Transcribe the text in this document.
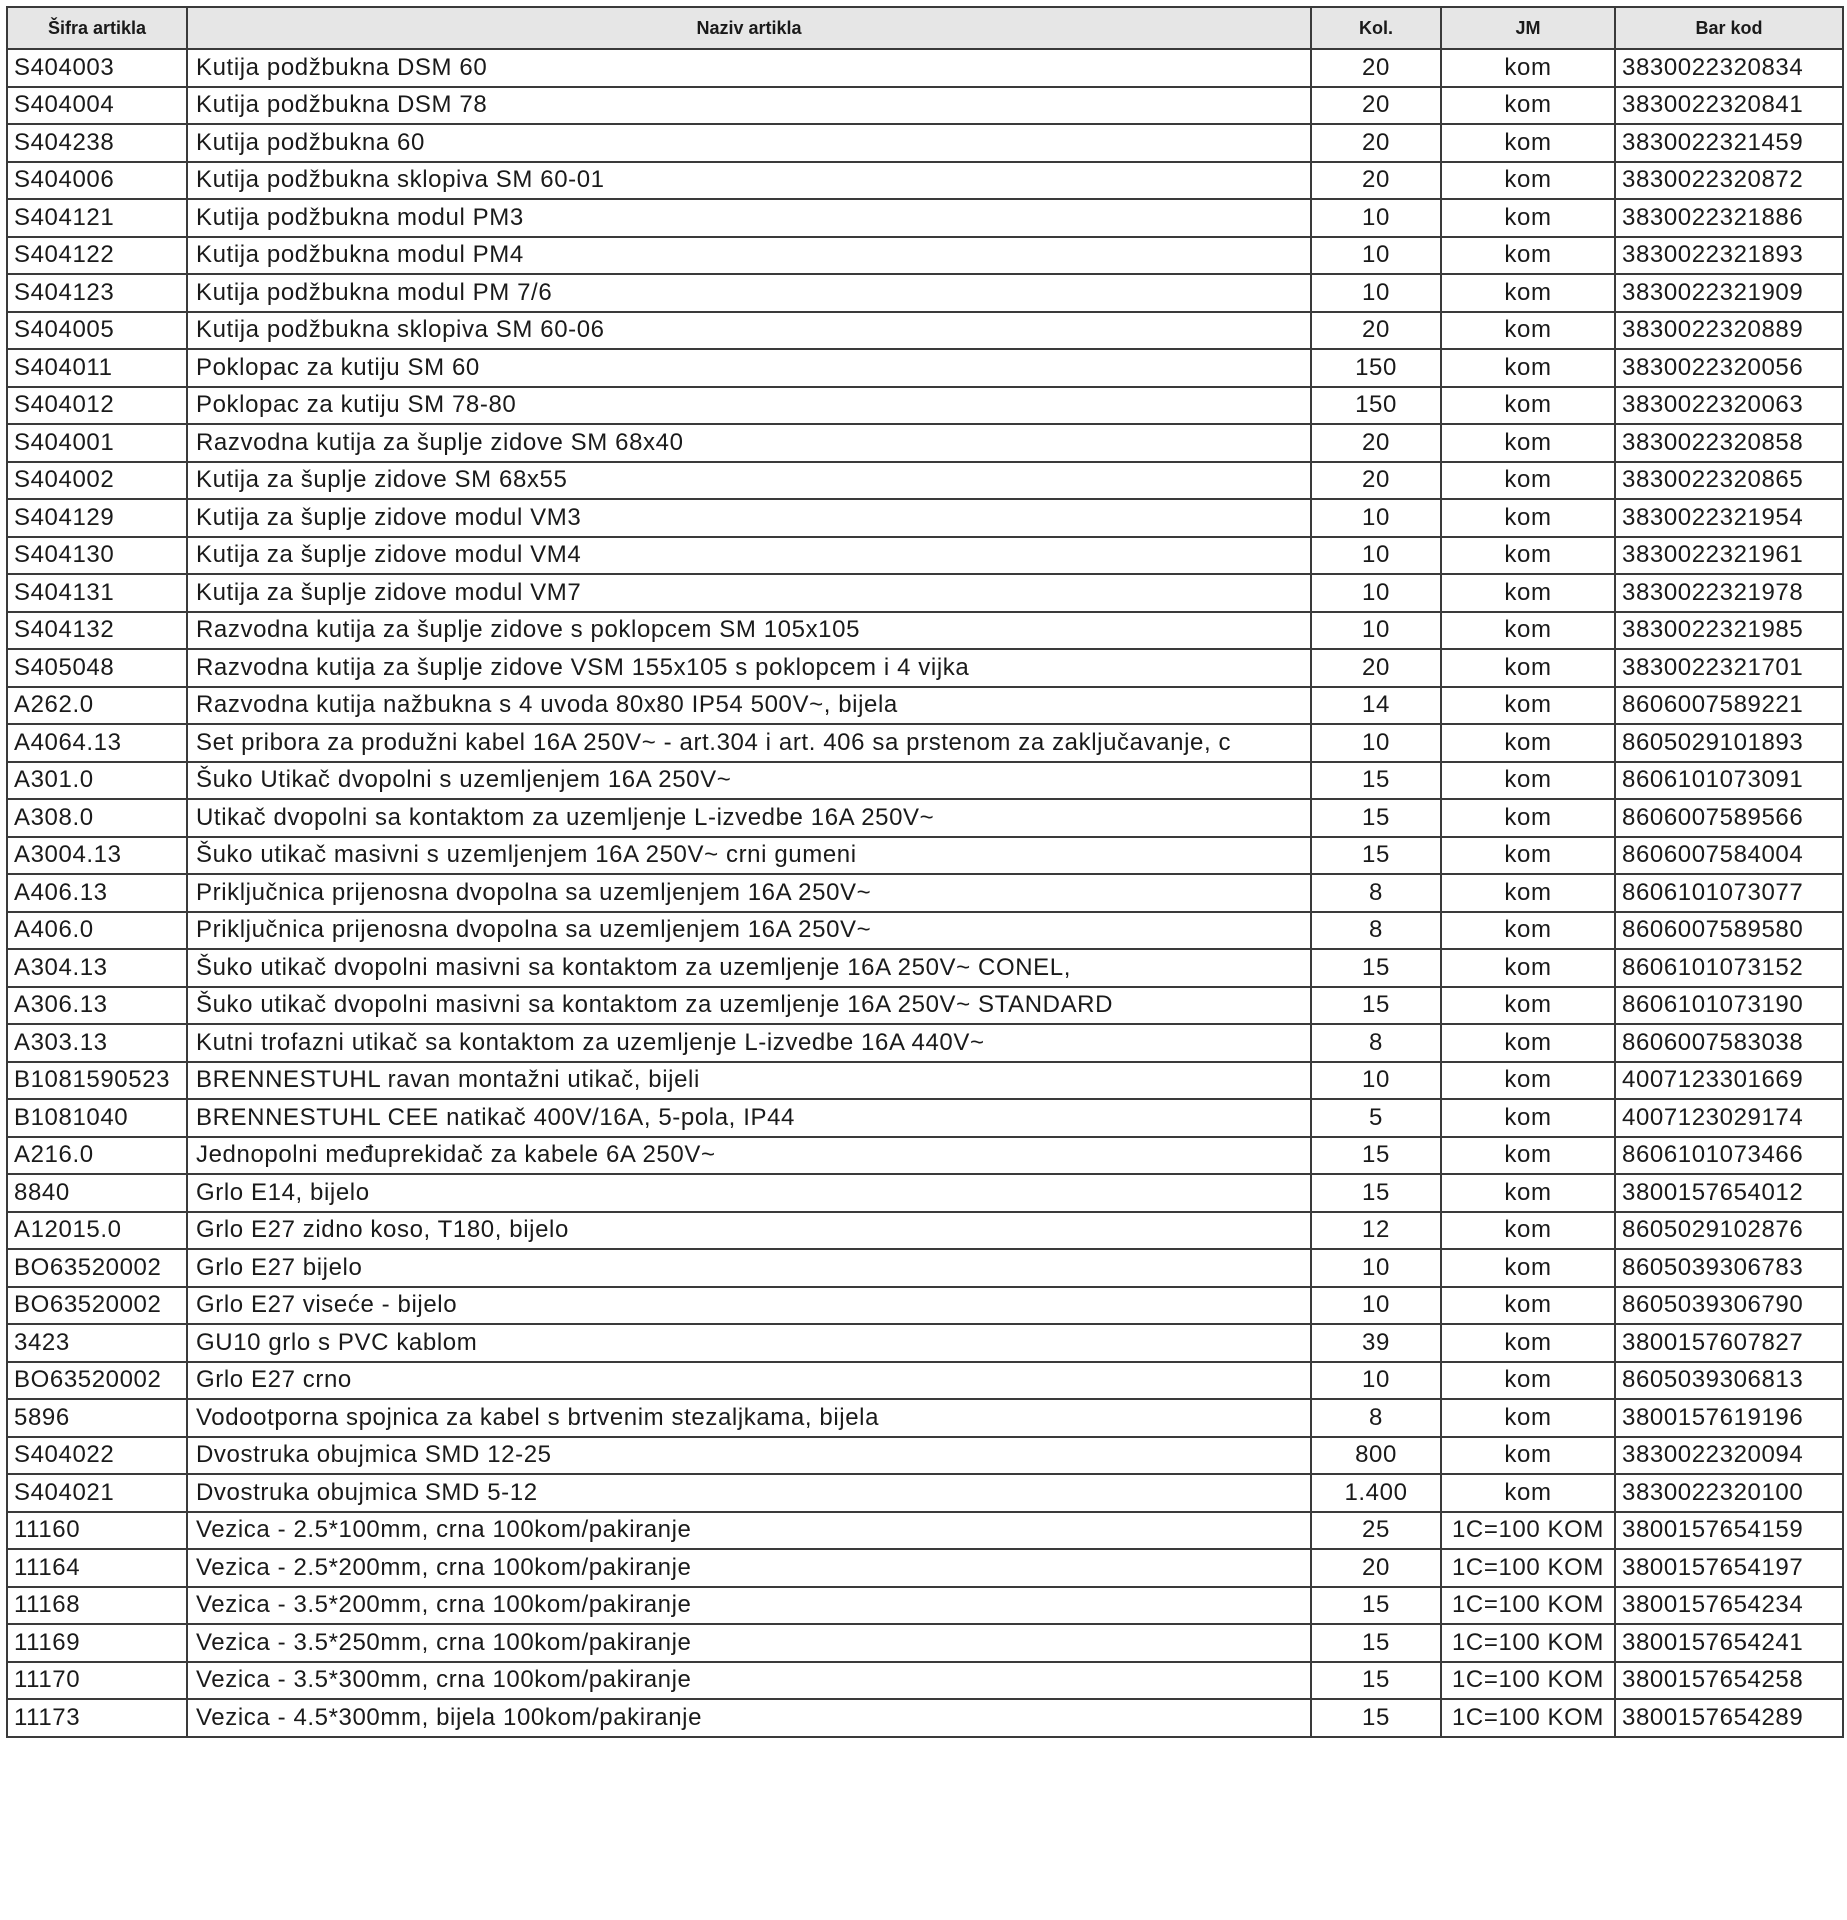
Šifra artikla	Naziv artikla	Kol.	JM	Bar kod
S404003	Kutija podžbukna DSM 60	20	kom	3830022320834
S404004	Kutija podžbukna DSM 78	20	kom	3830022320841
S404238	Kutija podžbukna 60	20	kom	3830022321459
S404006	Kutija podžbukna sklopiva SM 60-01	20	kom	3830022320872
S404121	Kutija podžbukna modul PM3	10	kom	3830022321886
S404122	Kutija podžbukna modul PM4	10	kom	3830022321893
S404123	Kutija podžbukna modul PM 7/6	10	kom	3830022321909
S404005	Kutija podžbukna sklopiva SM 60-06	20	kom	3830022320889
S404011	Poklopac za kutiju SM 60	150	kom	3830022320056
S404012	Poklopac za kutiju SM 78-80	150	kom	3830022320063
S404001	Razvodna kutija za šuplje zidove SM 68x40	20	kom	3830022320858
S404002	Kutija za šuplje zidove SM 68x55	20	kom	3830022320865
S404129	Kutija za šuplje zidove modul VM3	10	kom	3830022321954
S404130	Kutija za šuplje zidove modul VM4	10	kom	3830022321961
S404131	Kutija za šuplje zidove modul VM7	10	kom	3830022321978
S404132	Razvodna kutija za šuplje zidove s poklopcem SM 105x105	10	kom	3830022321985
S405048	Razvodna kutija za šuplje zidove VSM 155x105 s poklopcem i 4 vijka	20	kom	3830022321701
A262.0	Razvodna kutija nažbukna s 4 uvoda 80x80 IP54 500V~, bijela	14	kom	8606007589221
A4064.13	Set pribora za produžni kabel 16A 250V~ - art.304 i art. 406 sa prstenom za zaključavanje, c	10	kom	8605029101893
A301.0	Šuko Utikač dvopolni s uzemljenjem 16A 250V~	15	kom	8606101073091
A308.0	Utikač dvopolni sa kontaktom za uzemljenje L-izvedbe 16A 250V~	15	kom	8606007589566
A3004.13	Šuko utikač masivni s uzemljenjem 16A 250V~ crni gumeni	15	kom	8606007584004
A406.13	Priključnica prijenosna dvopolna sa uzemljenjem 16A 250V~	8	kom	8606101073077
A406.0	Priključnica prijenosna dvopolna sa uzemljenjem 16A 250V~	8	kom	8606007589580
A304.13	Šuko utikač dvopolni masivni sa kontaktom za uzemljenje 16A 250V~ CONEL,	15	kom	8606101073152
A306.13	Šuko utikač dvopolni masivni sa kontaktom za uzemljenje 16A 250V~ STANDARD	15	kom	8606101073190
A303.13	Kutni trofazni utikač sa kontaktom za uzemljenje L-izvedbe 16A 440V~	8	kom	8606007583038
B1081590523	BRENNESTUHL ravan montažni utikač, bijeli	10	kom	4007123301669
B1081040	BRENNESTUHL CEE natikač 400V/16A, 5-pola, IP44	5	kom	4007123029174
A216.0	Jednopolni međuprekidač za kabele 6A 250V~	15	kom	8606101073466
8840	Grlo E14, bijelo	15	kom	3800157654012
A12015.0	Grlo E27 zidno koso, T180, bijelo	12	kom	8605029102876
BO63520002	Grlo E27 bijelo	10	kom	8605039306783
BO63520002	Grlo E27 viseće - bijelo	10	kom	8605039306790
3423	GU10 grlo s PVC kablom	39	kom	3800157607827
BO63520002	Grlo E27 crno	10	kom	8605039306813
5896	Vodootporna spojnica za kabel s brtvenim stezaljkama, bijela	8	kom	3800157619196
S404022	Dvostruka obujmica SMD 12-25	800	kom	3830022320094
S404021	Dvostruka obujmica SMD 5-12	1.400	kom	3830022320100
11160	Vezica - 2.5*100mm, crna 100kom/pakiranje	25	1C=100 KOM	3800157654159
11164	Vezica - 2.5*200mm, crna 100kom/pakiranje	20	1C=100 KOM	3800157654197
11168	Vezica - 3.5*200mm, crna 100kom/pakiranje	15	1C=100 KOM	3800157654234
11169	Vezica - 3.5*250mm, crna 100kom/pakiranje	15	1C=100 KOM	3800157654241
11170	Vezica - 3.5*300mm, crna 100kom/pakiranje	15	1C=100 KOM	3800157654258
11173	Vezica - 4.5*300mm, bijela 100kom/pakiranje	15	1C=100 KOM	3800157654289
